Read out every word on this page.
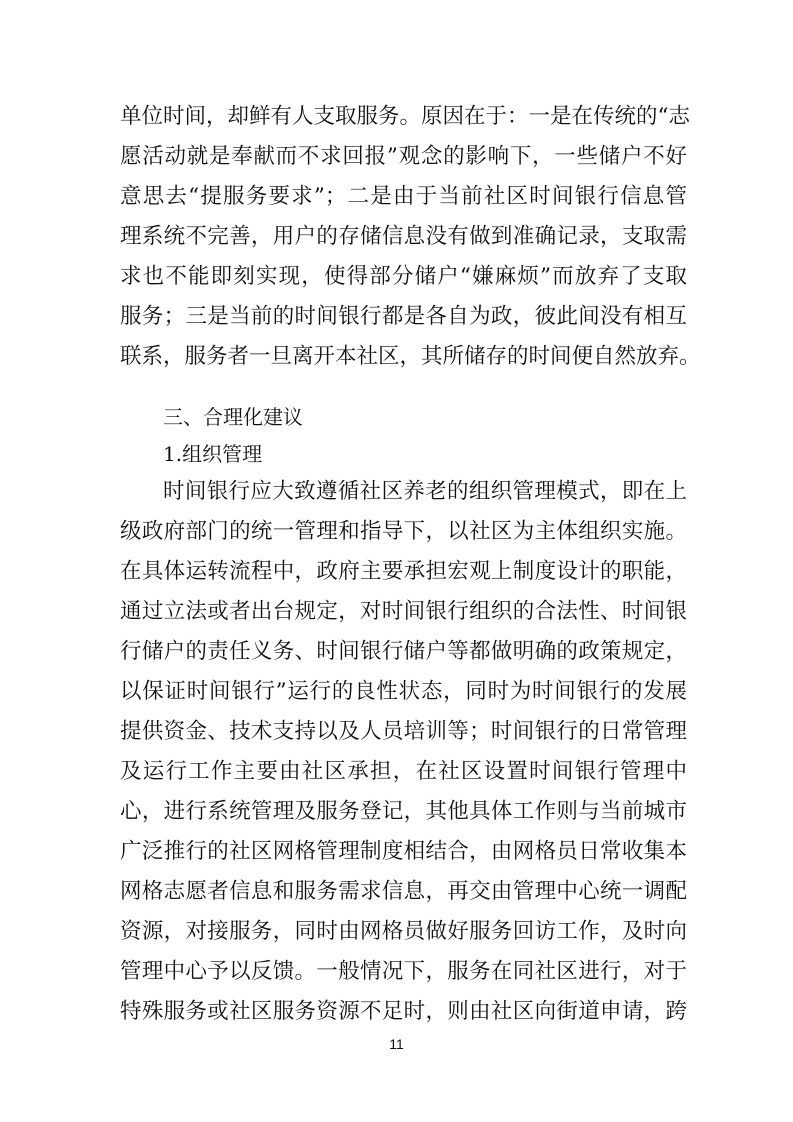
单位时间，却鲜有人支取服务。原因在于：一是在传统的“志
愿活动就是奉献而不求回报”观念的影响下，一些储户不好
意思去“提服务要求”；二是由于当前社区时间银行信息管
理系统不完善，用户的存储信息没有做到准确记录，支取需
求也不能即刻实现，使得部分储户“嫌麻烦”而放弃了支取
服务；三是当前的时间银行都是各自为政，彼此间没有相互
联系，服务者一旦离开本社区，其所储存的时间便自然放弃。
三、合理化建议
1.组织管理
时间银行应大致遵循社区养老的组织管理模式，即在上
级政府部门的统一管理和指导下，以社区为主体组织实施。
在具体运转流程中，政府主要承担宏观上制度设计的职能，
通过立法或者出台规定，对时间银行组织的合法性、时间银
行储户的责任义务、时间银行储户等都做明确的政策规定，
以保证时间银行”运行的良性状态，同时为时间银行的发展
提供资金、技术支持以及人员培训等；时间银行的日常管理
及运行工作主要由社区承担，在社区设置时间银行管理中
心，进行系统管理及服务登记，其他具体工作则与当前城市
广泛推行的社区网格管理制度相结合，由网格员日常收集本
网格志愿者信息和服务需求信息，再交由管理中心统一调配
资源，对接服务，同时由网格员做好服务回访工作，及时向
管理中心予以反馈。一般情况下，服务在同社区进行，对于
特殊服务或社区服务资源不足时，则由社区向街道申请，跨
11
